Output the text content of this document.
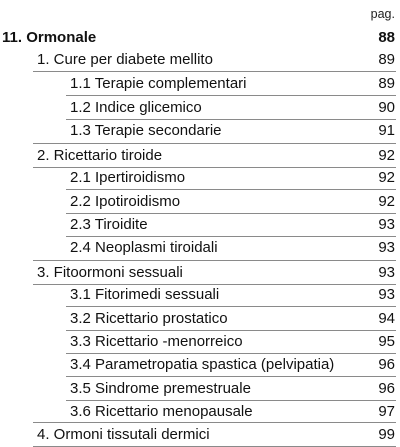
pag.
11. Ormonale	88
1. Cure per diabete mellito	89
1.1 Terapie complementari	89
1.2 Indice glicemico	90
1.3 Terapie secondarie	91
2. Ricettario tiroide	92
2.1 Ipertiroidismo	92
2.2 Ipotiroidismo	92
2.3 Tiroidite	93
2.4 Neoplasmi tiroidali	93
3. Fitoormoni sessuali	93
3.1 Fitorimedi sessuali	93
3.2 Ricettario prostatico	94
3.3 Ricettario -menorreico	95
3.4 Parametropatia spastica (pelvipatia)	96
3.5 Sindrome premestruale	96
3.6 Ricettario menopausale	97
4. Ormoni tissutali dermici	99
